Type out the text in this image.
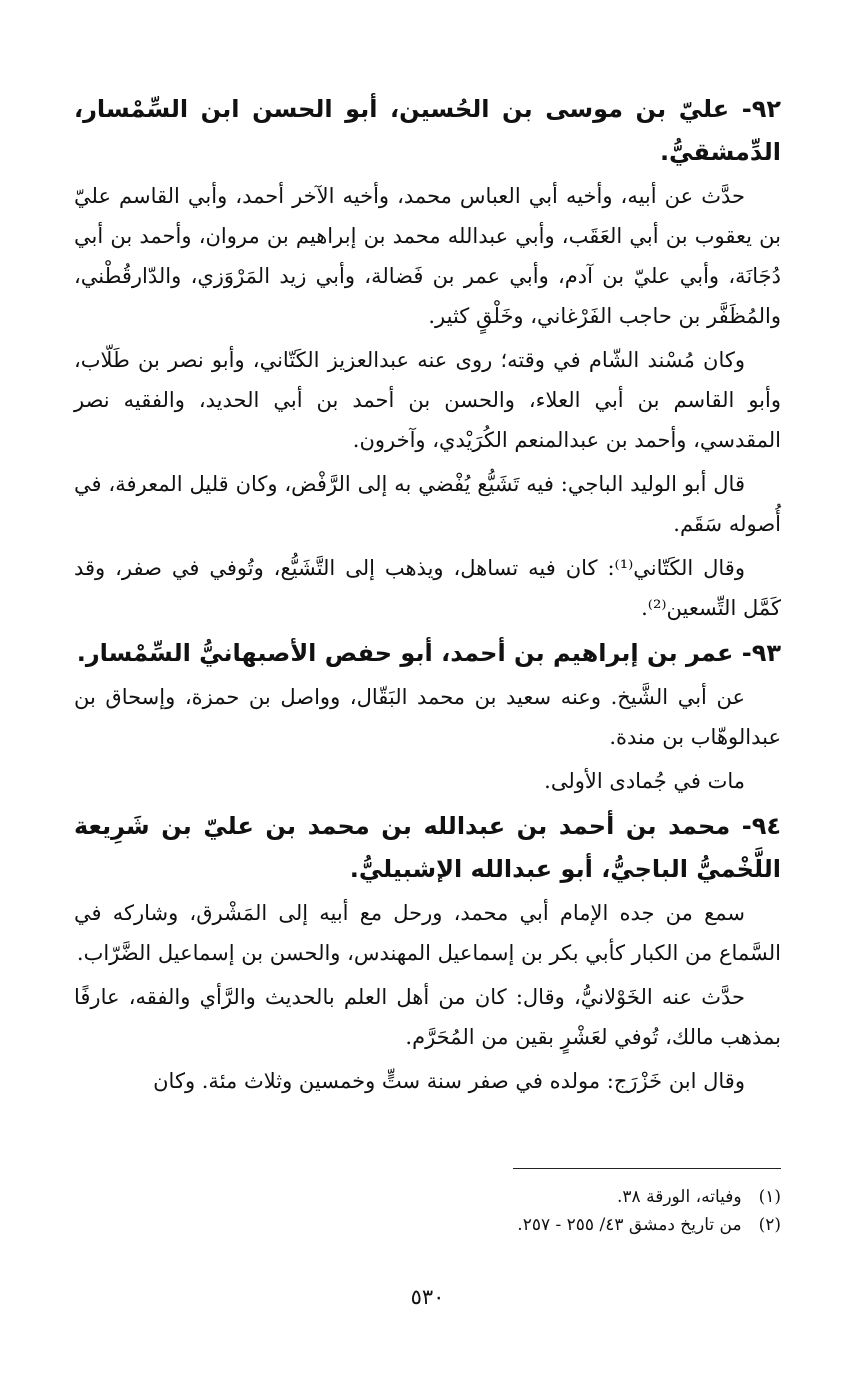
٩٢- عليّ بن موسى بن الحُسين، أبو الحسن ابن السِّمْسار، الدِّمشقيُّ.

حدَّث عن أبيه، وأخيه أبي العباس محمد، وأخيه الآخر أحمد، وأبي القاسم عليّ بن يعقوب بن أبي العَقَب، وأبي عبدالله محمد بن إبراهيم بن مروان، وأحمد بن أبي دُجَانَة، وأبي عليّ بن آدم، وأبي عمر بن فَضالة، وأبي زيد المَرْوَزي، والدّارقُطْني، والمُظَفَّر بن حاجب الفَرْغاني، وخَلْقٍ كثير.

وكان مُسْند الشّام في وقته؛ روى عنه عبدالعزيز الكَتّاني، وأبو نصر بن طَلّاب، وأبو القاسم بن أبي العلاء، والحسن بن أحمد بن أبي الحديد، والفقيه نصر المقدسي، وأحمد بن عبدالمنعم الكُرَيْدي، وآخرون.

قال أبو الوليد الباجي: فيه تَشَيُّع يُفْضي به إلى الرَّفْض، وكان قليل المعرفة، في أُصوله سَقَم.

وقال الكَتّاني⁽¹⁾: كان فيه تساهل، ويذهب إلى التَّشَيُّع، وتُوفي في صفر، وقد كَمَّل التِّسعين⁽²⁾.

٩٣- عمر بن إبراهيم بن أحمد، أبو حفص الأصبهانيُّ السِّمْسار.

عن أبي الشَّيخ. وعنه سعيد بن محمد البَقّال، وواصل بن حمزة، وإسحاق بن عبدالوهّاب بن مندة.

مات في جُمادى الأولى.

٩٤- محمد بن أحمد بن عبدالله بن محمد بن عليّ بن شَرِيعة اللَّخْميُّ الباجيُّ، أبو عبدالله الإشبيليُّ.

سمع من جده الإمام أبي محمد، ورحل مع أبيه إلى المَشْرق، وشاركه في السَّماع من الكبار كأبي بكر بن إسماعيل المهندس، والحسن بن إسماعيل الضَّرّاب.

حدَّث عنه الخَوْلانيُّ، وقال: كان من أهل العلم بالحديث والرَّأي والفقه، عارفًا بمذهب مالك، تُوفي لعَشْرٍ بقين من المُحَرَّم.

وقال ابن خَزْرَج: مولده في صفر سنة ستٍّ وخمسين وثلاث مئة. وكان

(١) وفياته، الورقة ٣٨.

(٢) من تاريخ دمشق ٤٣/ ٢٥٥ - ٢٥٧.

٥٣٠
